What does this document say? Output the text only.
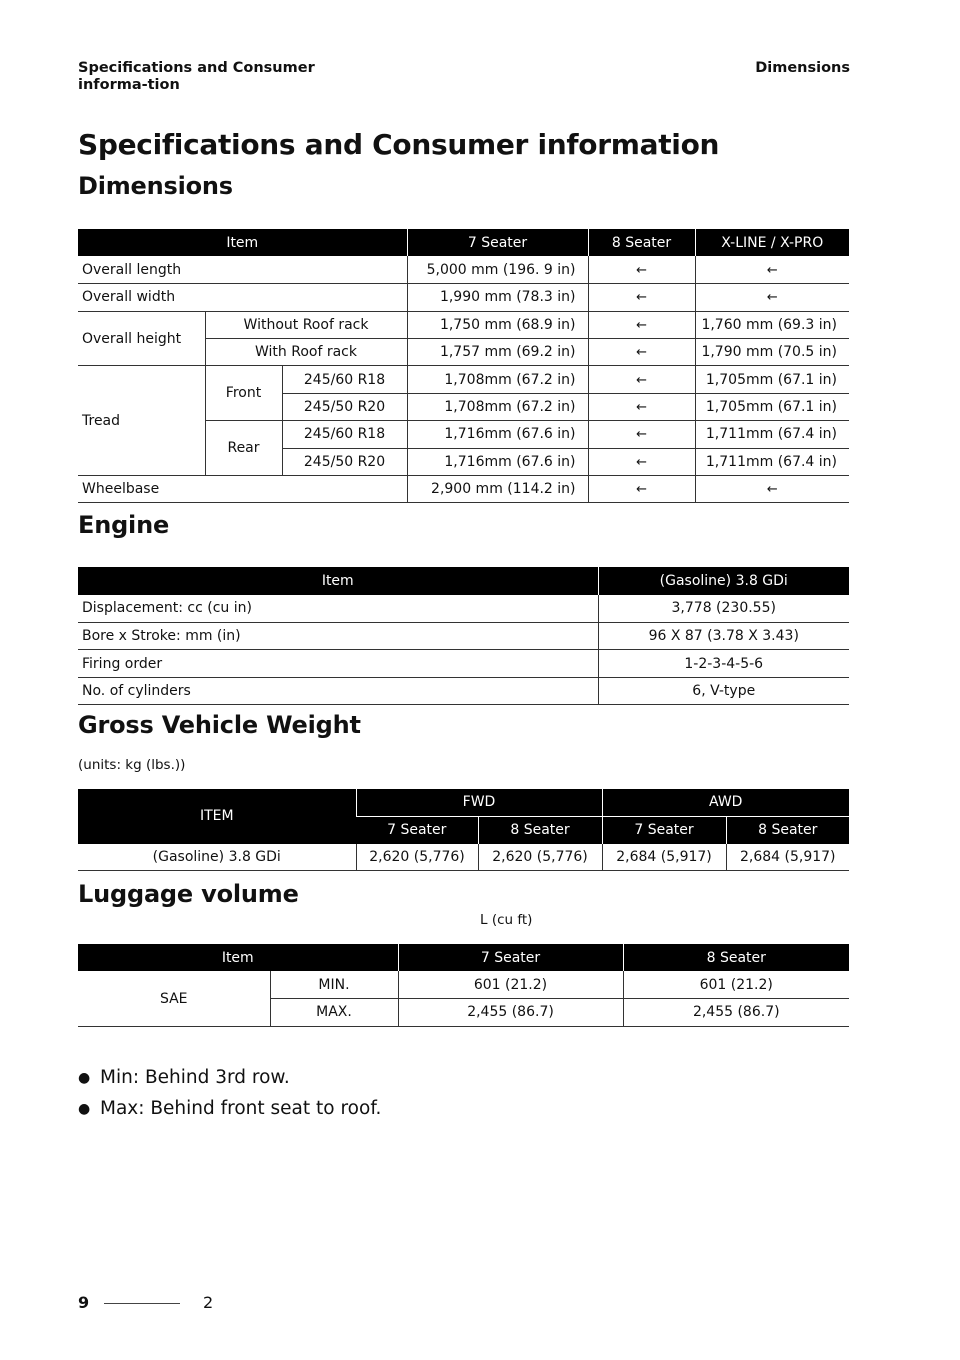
Specifications and Consumer informa-tion
Dimensions
Specifications and Consumer information
Dimensions
Item			7 Seater	8 Seater	X-LINE / X-PRO
Overall length			5,000 mm (196. 9 in)	←	←
Overall width			1,990 mm (78.3 in)	←	←
Overall height	Without Roof rack		1,750 mm (68.9 in)	←	1,760 mm (69.3 in)
	With Roof rack		1,757 mm (69.2 in)	←	1,790 mm (70.5 in)
Tread	Front	245/60 R18	1,708mm (67.2 in)	←	1,705mm (67.1 in)
		245/50 R20	1,708mm (67.2 in)	←	1,705mm (67.1 in)
	Rear	245/60 R18	1,716mm (67.6 in)	←	1,711mm (67.4 in)
		245/50 R20	1,716mm (67.6 in)	←	1,711mm (67.4 in)
Wheelbase			2,900 mm (114.2 in)	←	←
Engine
Item	(Gasoline) 3.8 GDi
Displacement: cc (cu in)	3,778 (230.55)
Bore x Stroke: mm (in)	96 X 87 (3.78 X 3.43)
Firing order	1-2-3-4-5-6
No. of cylinders	6, V-type
Gross Vehicle Weight
(units: kg (lbs.))
ITEM	FWD		AWD	
	7 Seater	8 Seater	7 Seater	8 Seater
(Gasoline) 3.8 GDi	2,620 (5,776)	2,620 (5,776)	2,684 (5,917)	2,684 (5,917)
Luggage volume
L (cu ft)
Item		7 Seater	8 Seater
SAE	MIN.	601 (21.2)	601 (21.2)
	MAX.	2,455 (86.7)	2,455 (86.7)
● Min: Behind 3rd row.
● Max: Behind front seat to roof.
9	2
